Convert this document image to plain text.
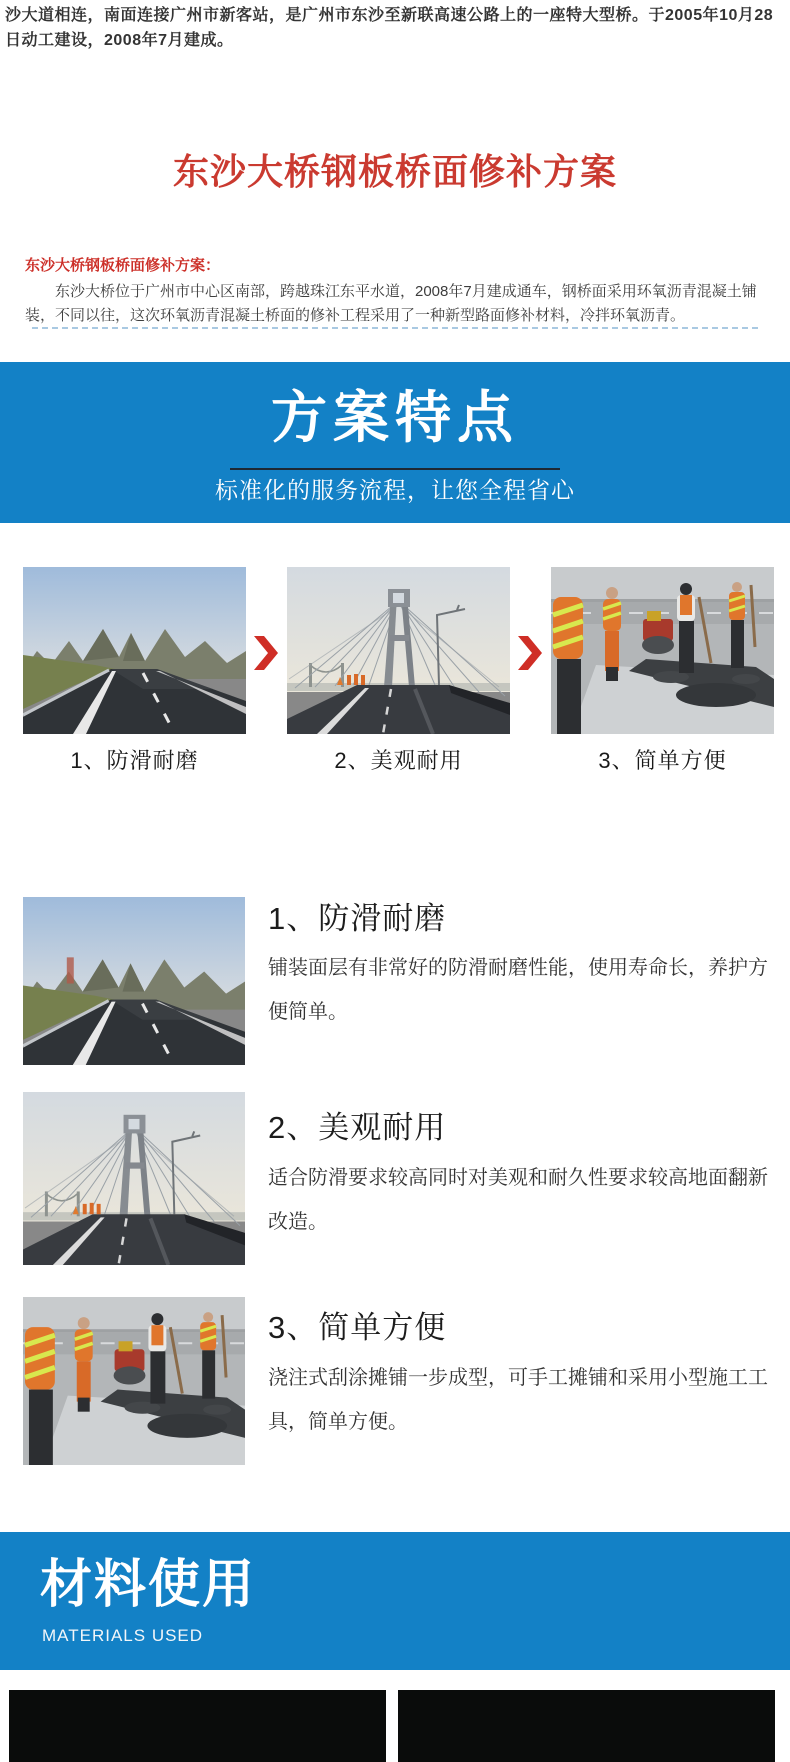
沙大道相连，南面连接广州市新客站，是广州市东沙至新联高速公路上的一座特大型桥。于2005年10月28日动工建设，2008年7月建成。
东沙大桥钢板桥面修补方案
东沙大桥钢板桥面修补方案：
东沙大桥位于广州市中心区南部，跨越珠江东平水道，2008年7月建成通车，钢桥面采用环氧沥青混凝土铺装，不同以往，这次环氧沥青混凝土桥面的修补工程采用了一种新型路面修补材料，冷拌环氧沥青。
方案特点
标准化的服务流程，让您全程省心
1、防滑耐磨	2、美观耐用	3、简单方便
1、防滑耐磨
铺装面层有非常好的防滑耐磨性能，使用寿命长，养护方便简单。
2、美观耐用
适合防滑要求较高同时对美观和耐久性要求较高地面翻新改造。
3、简单方便
浇注式刮涂摊铺一步成型，可手工摊铺和采用小型施工工具，简单方便。
材料使用
MATERIALS USED
